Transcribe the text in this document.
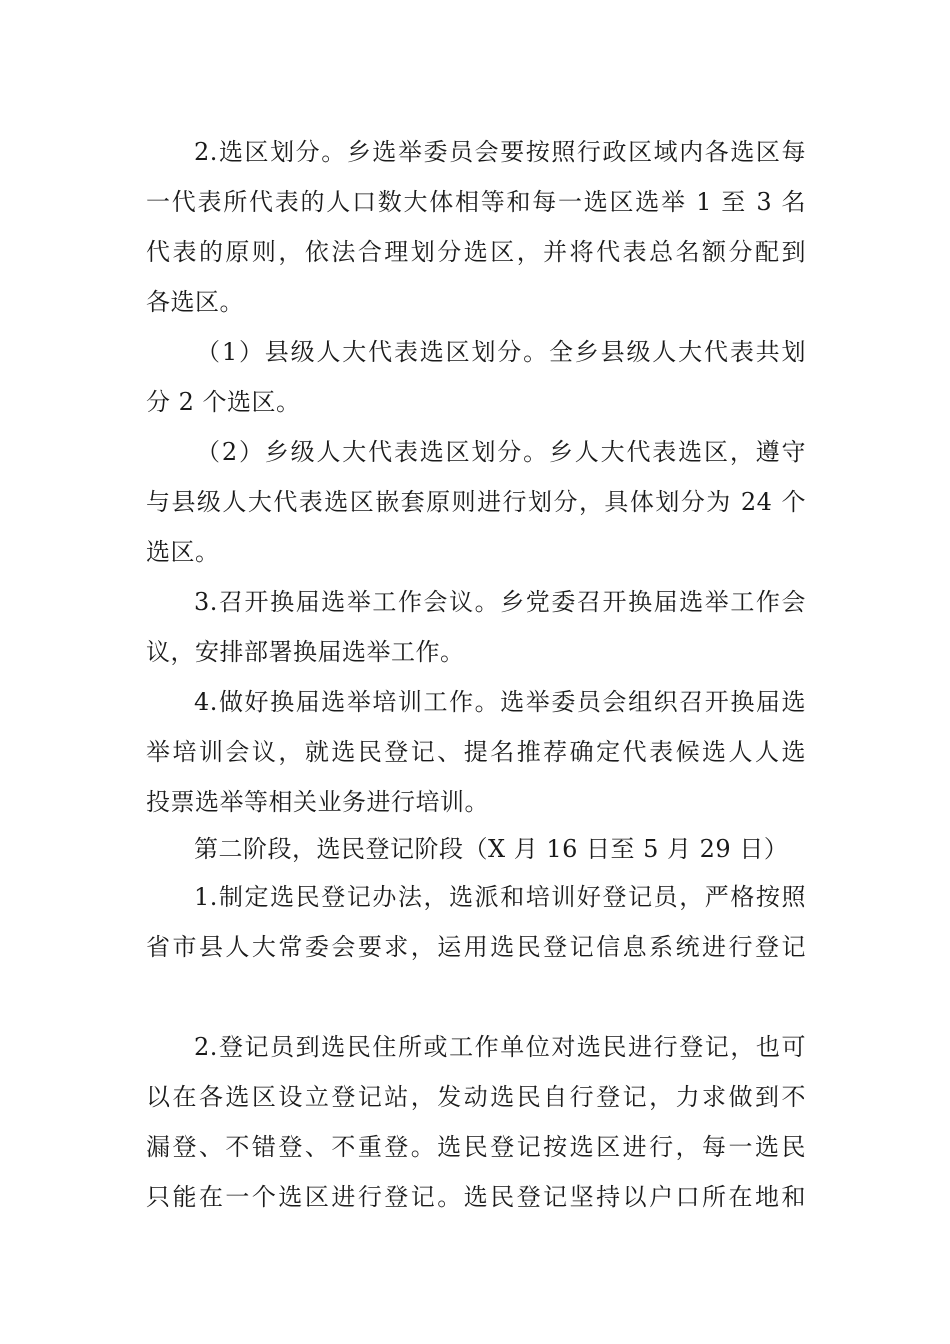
2.选区划分。乡选举委员会要按照行政区域内各选区每
一代表所代表的人口数大体相等和每一选区选举 1 至 3 名
代表的原则，依法合理划分选区，并将代表总名额分配到
各选区。
（1）县级人大代表选区划分。全乡县级人大代表共划
分 2 个选区。
（2）乡级人大代表选区划分。乡人大代表选区，遵守
与县级人大代表选区嵌套原则进行划分，具体划分为 24 个
选区。
3.召开换届选举工作会议。乡党委召开换届选举工作会
议，安排部署换届选举工作。
4.做好换届选举培训工作。选举委员会组织召开换届选
举培训会议，就选民登记、提名推荐确定代表候选人人选
投票选举等相关业务进行培训。
第二阶段，选民登记阶段（X 月 16 日至 5 月 29 日）
1.制定选民登记办法，选派和培训好登记员，严格按照
省市县人大常委会要求，运用选民登记信息系统进行登记
2.登记员到选民住所或工作单位对选民进行登记，也可
以在各选区设立登记站，发动选民自行登记，力求做到不
漏登、不错登、不重登。选民登记按选区进行，每一选民
只能在一个选区进行登记。选民登记坚持以户口所在地和
